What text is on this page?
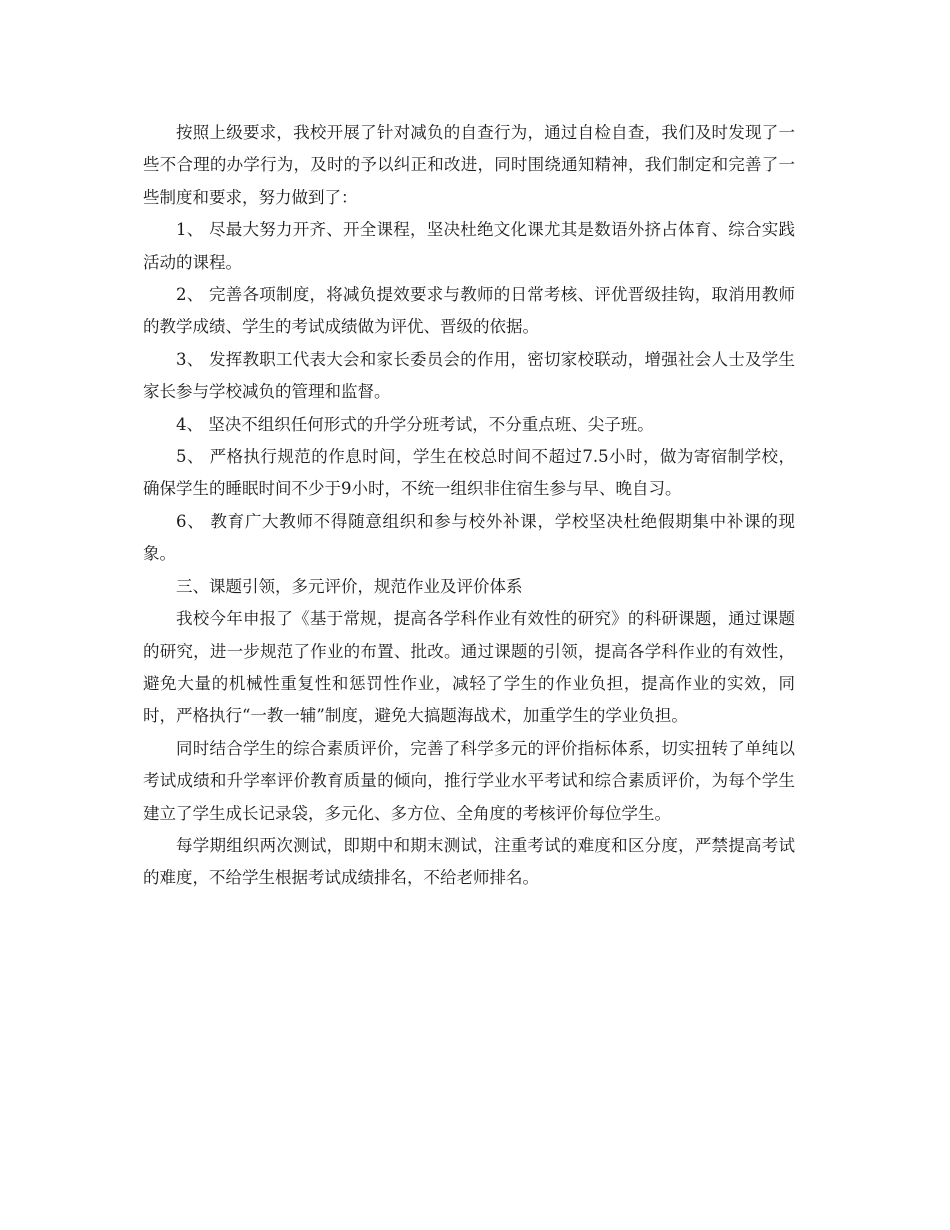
按照上级要求，我校开展了针对减负的自查行为，通过自检自查，我们及时发现了一些不合理的办学行为，及时的予以纠正和改进，同时围绕通知精神，我们制定和完善了一些制度和要求，努力做到了：

1、 尽最大努力开齐、开全课程，坚决杜绝文化课尤其是数语外挤占体育、综合实践活动的课程。

2、 完善各项制度，将减负提效要求与教师的日常考核、评优晋级挂钩，取消用教师的教学成绩、学生的考试成绩做为评优、晋级的依据。

3、 发挥教职工代表大会和家长委员会的作用，密切家校联动，增强社会人士及学生家长参与学校减负的管理和监督。

4、 坚决不组织任何形式的升学分班考试，不分重点班、尖子班。

5、 严格执行规范的作息时间，学生在校总时间不超过7.5小时，做为寄宿制学校，确保学生的睡眠时间不少于9小时，不统一组织非住宿生参与早、晚自习。

6、 教育广大教师不得随意组织和参与校外补课，学校坚决杜绝假期集中补课的现象。

三、课题引领，多元评价，规范作业及评价体系

我校今年申报了《基于常规，提高各学科作业有效性的研究》的科研课题，通过课题的研究，进一步规范了作业的布置、批改。通过课题的引领，提高各学科作业的有效性，避免大量的机械性重复性和惩罚性作业，减轻了学生的作业负担，提高作业的实效，同时，严格执行“一教一辅”制度，避免大搞题海战术，加重学生的学业负担。

同时结合学生的综合素质评价，完善了科学多元的评价指标体系，切实扭转了单纯以考试成绩和升学率评价教育质量的倾向，推行学业水平考试和综合素质评价，为每个学生建立了学生成长记录袋，多元化、多方位、全角度的考核评价每位学生。

每学期组织两次测试，即期中和期末测试，注重考试的难度和区分度，严禁提高考试的难度，不给学生根据考试成绩排名，不给老师排名。
